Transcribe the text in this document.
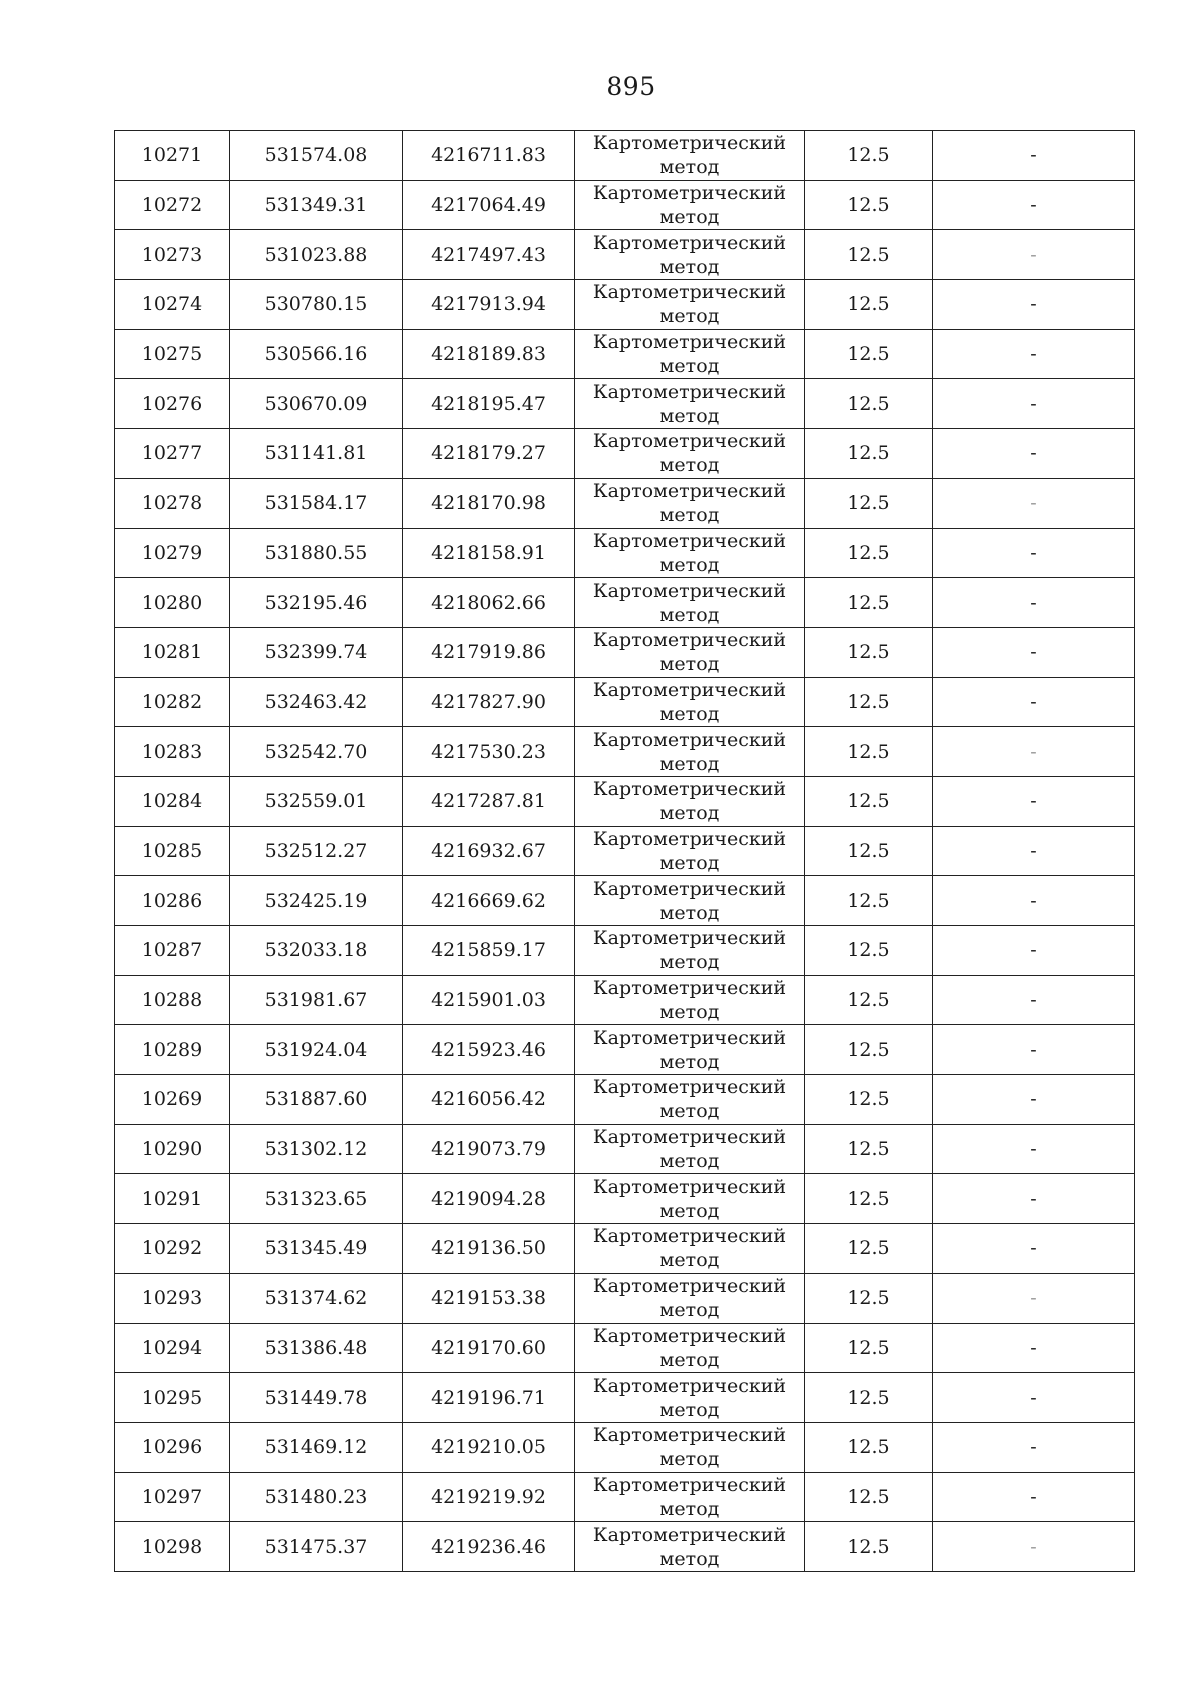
895
10271	531574.08	4216711.83	Картометрический
метод	12.5	-
10272	531349.31	4217064.49	Картометрический
метод	12.5	-
10273	531023.88	4217497.43	Картометрический
метод	12.5	-
10274	530780.15	4217913.94	Картометрический
метод	12.5	-
10275	530566.16	4218189.83	Картометрический
метод	12.5	-
10276	530670.09	4218195.47	Картометрический
метод	12.5	-
10277	531141.81	4218179.27	Картометрический
метод	12.5	-
10278	531584.17	4218170.98	Картометрический
метод	12.5	-
10279	531880.55	4218158.91	Картометрический
метод	12.5	-
10280	532195.46	4218062.66	Картометрический
метод	12.5	-
10281	532399.74	4217919.86	Картометрический
метод	12.5	-
10282	532463.42	4217827.90	Картометрический
метод	12.5	-
10283	532542.70	4217530.23	Картометрический
метод	12.5	-
10284	532559.01	4217287.81	Картометрический
метод	12.5	-
10285	532512.27	4216932.67	Картометрический
метод	12.5	-
10286	532425.19	4216669.62	Картометрический
метод	12.5	-
10287	532033.18	4215859.17	Картометрический
метод	12.5	-
10288	531981.67	4215901.03	Картометрический
метод	12.5	-
10289	531924.04	4215923.46	Картометрический
метод	12.5	-
10269	531887.60	4216056.42	Картометрический
метод	12.5	-
10290	531302.12	4219073.79	Картометрический
метод	12.5	-
10291	531323.65	4219094.28	Картометрический
метод	12.5	-
10292	531345.49	4219136.50	Картометрический
метод	12.5	-
10293	531374.62	4219153.38	Картометрический
метод	12.5	-
10294	531386.48	4219170.60	Картометрический
метод	12.5	-
10295	531449.78	4219196.71	Картометрический
метод	12.5	-
10296	531469.12	4219210.05	Картометрический
метод	12.5	-
10297	531480.23	4219219.92	Картометрический
метод	12.5	-
10298	531475.37	4219236.46	Картометрический
метод	12.5	-
